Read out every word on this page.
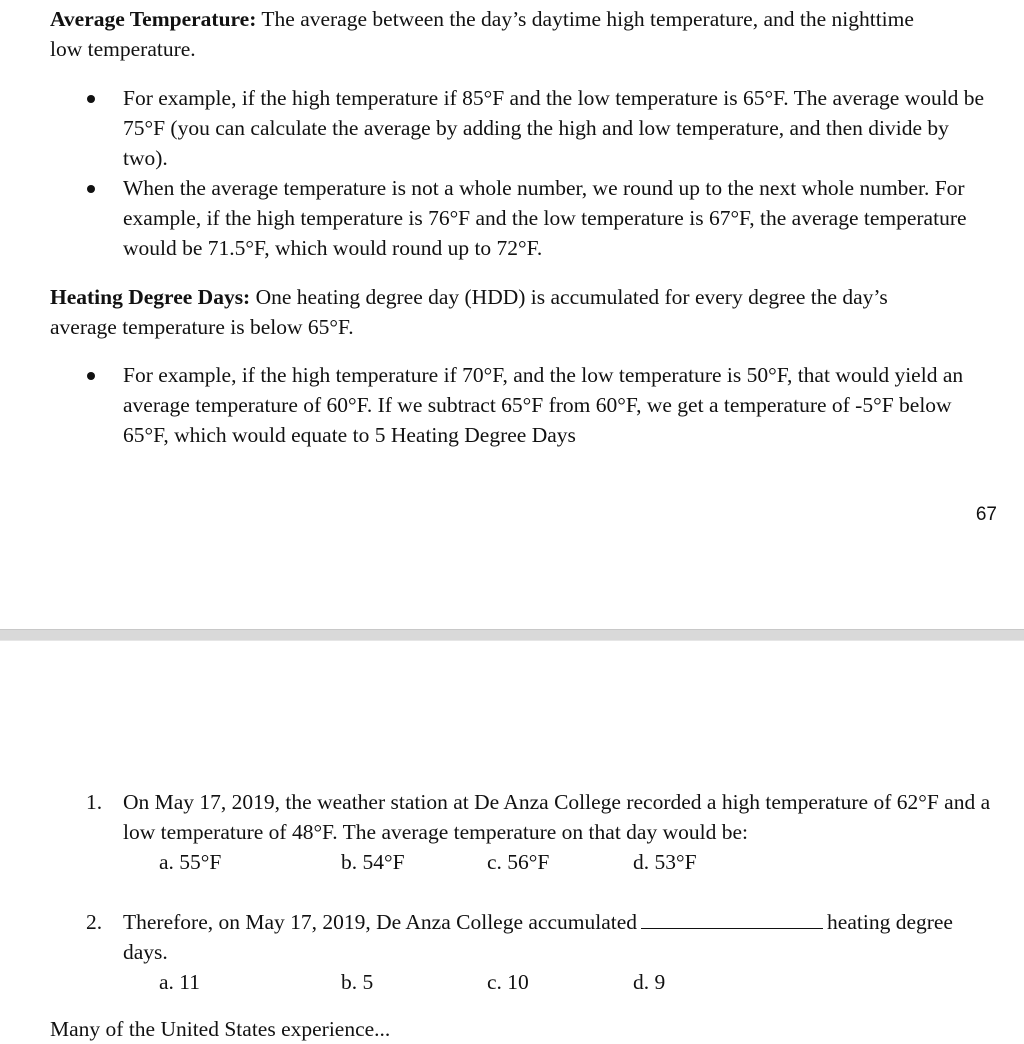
Average Temperature: The average between the day’s daytime high temperature, and the nighttime low temperature.
For example, if the high temperature if 85°F and the low temperature is 65°F. The average would be 75°F (you can calculate the average by adding the high and low temperature, and then divide by two).
When the average temperature is not a whole number, we round up to the next whole number. For example, if the high temperature is 76°F and the low temperature is 67°F, the average temperature would be 71.5°F, which would round up to 72°F.
Heating Degree Days: One heating degree day (HDD) is accumulated for every degree the day’s average temperature is below 65°F.
For example, if the high temperature if 70°F, and the low temperature is 50°F, that would yield an average temperature of 60°F. If we subtract 65°F from 60°F, we get a temperature of -5°F below 65°F, which would equate to 5 Heating Degree Days
67
1. On May 17, 2019, the weather station at De Anza College recorded a high temperature of 62°F and a low temperature of 48°F. The average temperature on that day would be:
a. 55°F	b. 54°F	c. 56°F	d. 53°F
2. Therefore, on May 17, 2019, De Anza College accumulated	heating degree days.
a. 11	b. 5	c. 10	d. 9
Many of the United States experience...
